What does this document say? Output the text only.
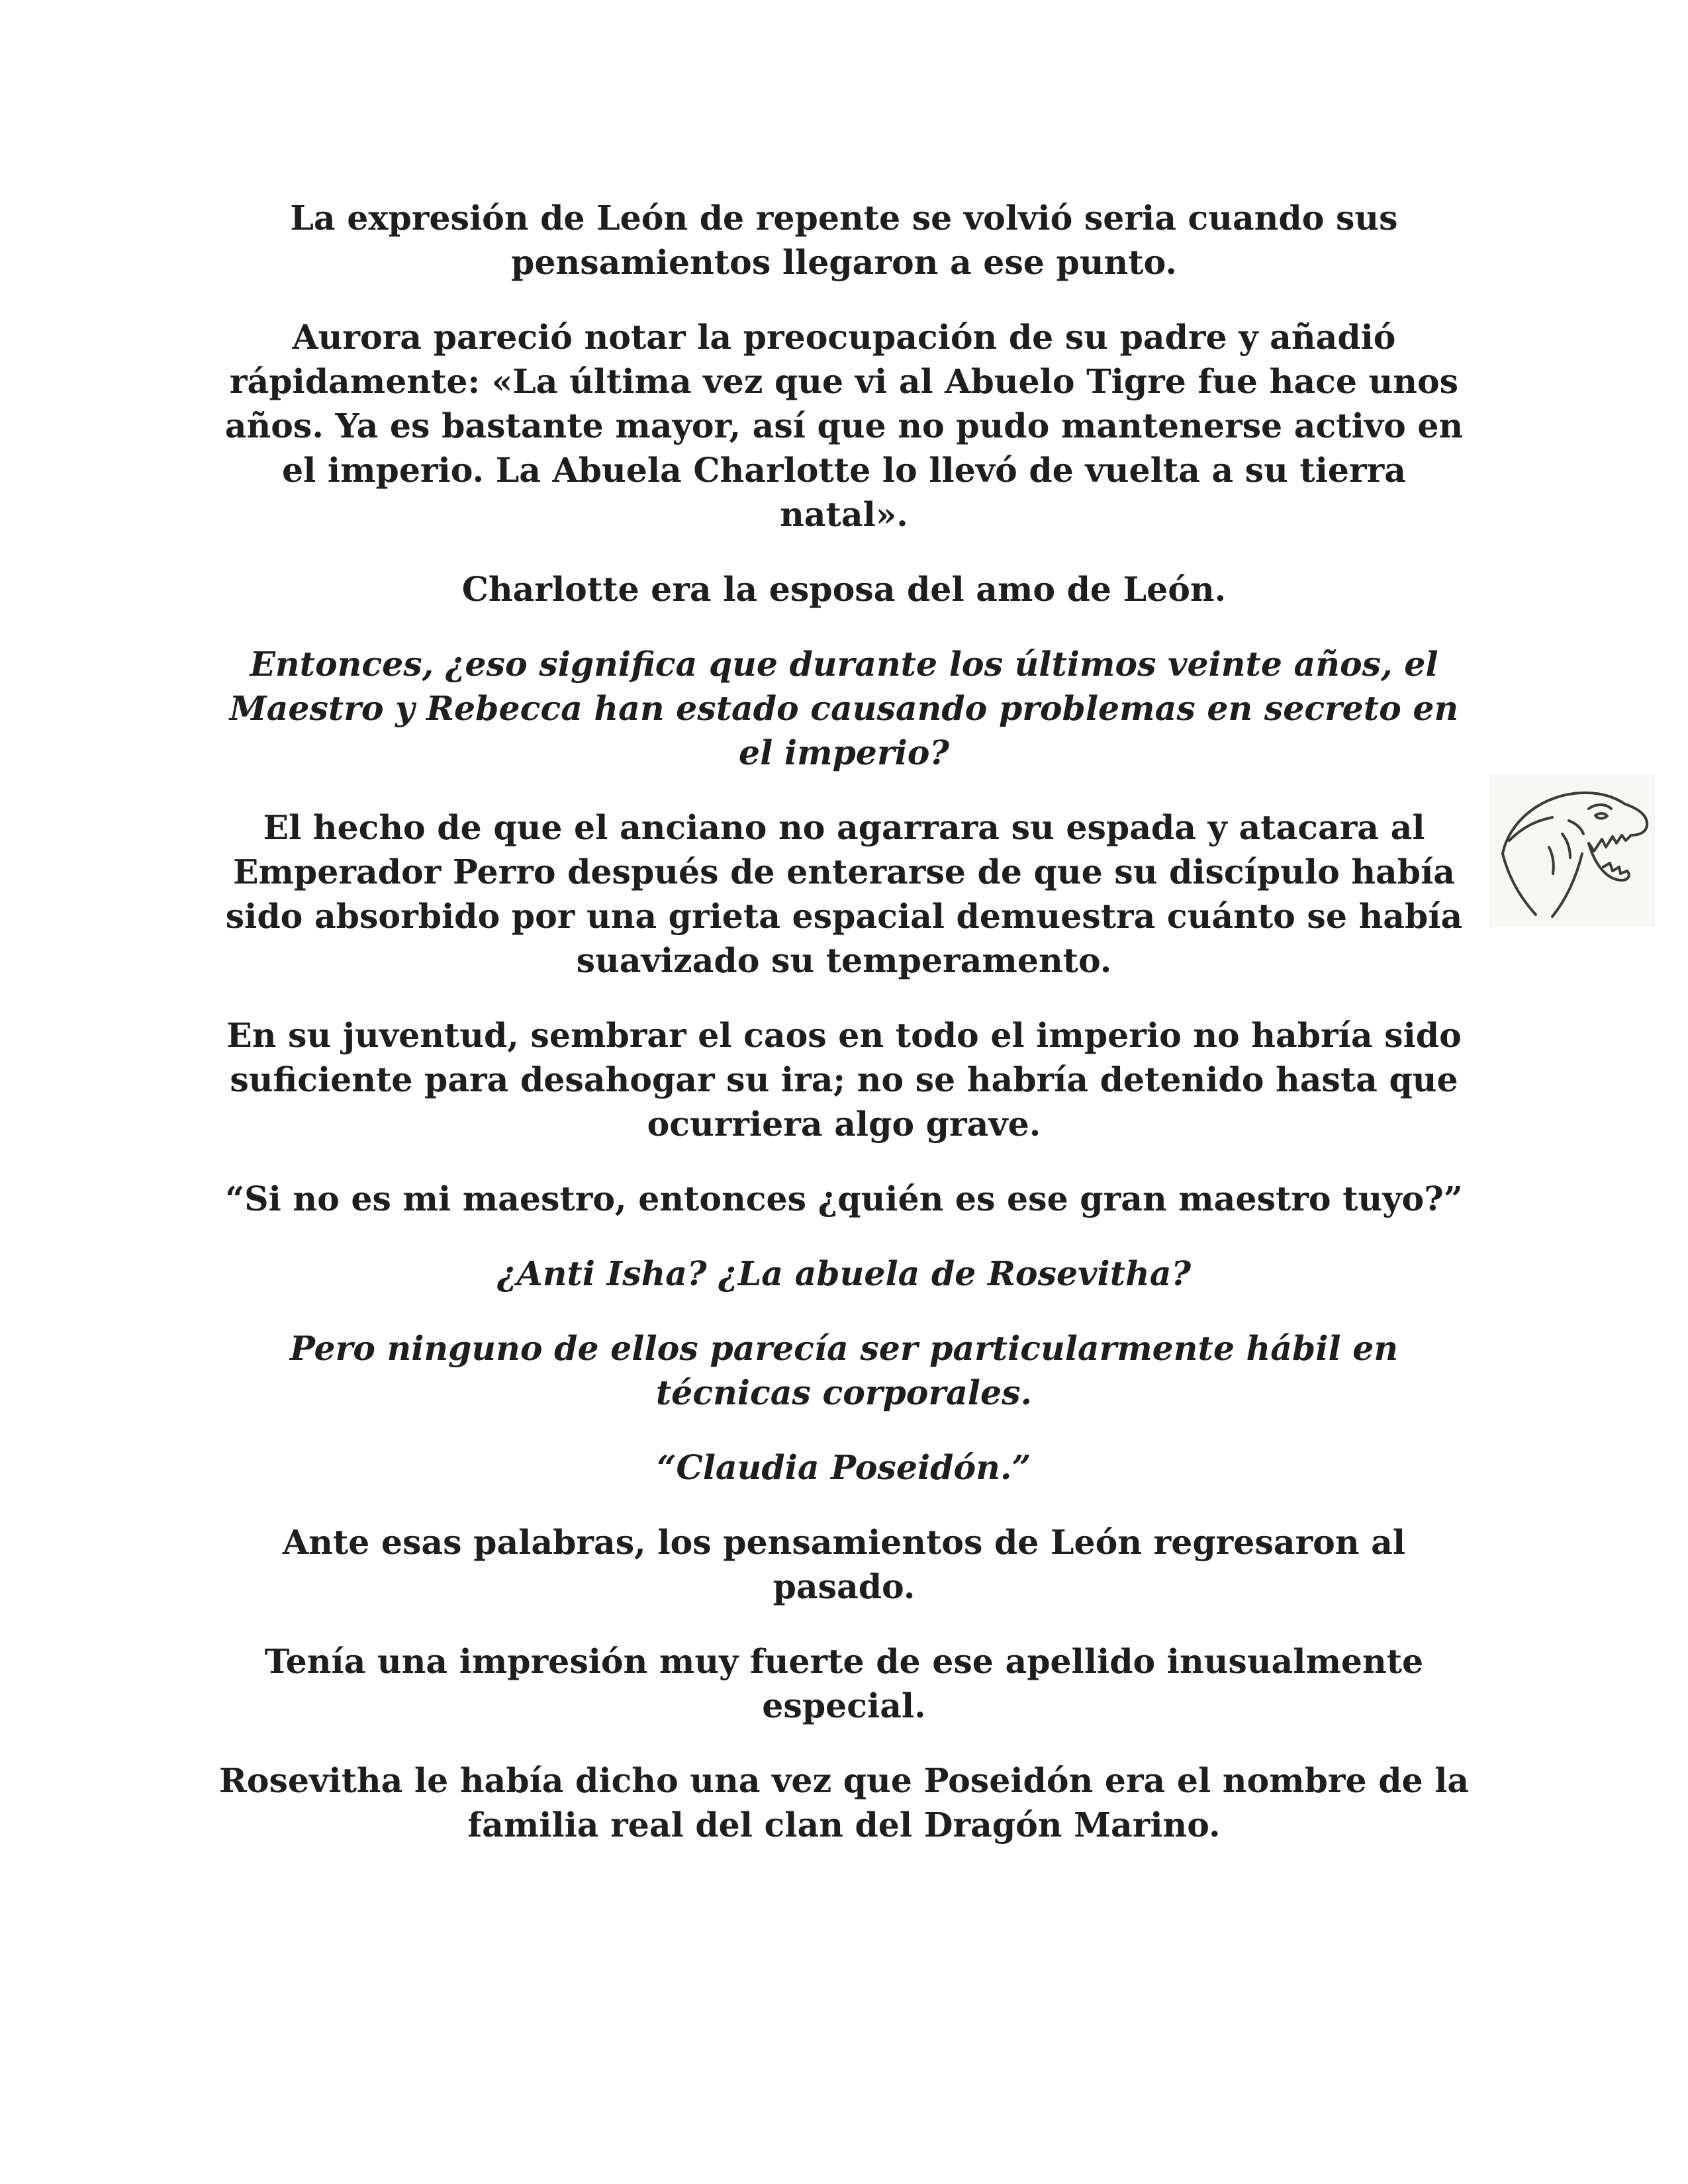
La expresión de León de repente se volvió seria cuando sus pensamientos llegaron a ese punto.

Aurora pareció notar la preocupación de su padre y añadió rápidamente: «La última vez que vi al Abuelo Tigre fue hace unos años. Ya es bastante mayor, así que no pudo mantenerse activo en el imperio. La Abuela Charlotte lo llevó de vuelta a su tierra natal».

Charlotte era la esposa del amo de León.

Entonces, ¿eso significa que durante los últimos veinte años, el Maestro y Rebecca han estado causando problemas en secreto en el imperio?

El hecho de que el anciano no agarrara su espada y atacara al Emperador Perro después de enterarse de que su discípulo había sido absorbido por una grieta espacial demuestra cuánto se había suavizado su temperamento.

En su juventud, sembrar el caos en todo el imperio no habría sido suficiente para desahogar su ira; no se habría detenido hasta que ocurriera algo grave.

“Si no es mi maestro, entonces ¿quién es ese gran maestro tuyo?”

¿Anti Isha? ¿La abuela de Rosevitha?

Pero ninguno de ellos parecía ser particularmente hábil en técnicas corporales.

“Claudia Poseidón.”

Ante esas palabras, los pensamientos de León regresaron al pasado.

Tenía una impresión muy fuerte de ese apellido inusualmente especial.

Rosevitha le había dicho una vez que Poseidón era el nombre de la familia real del clan del Dragón Marino.
